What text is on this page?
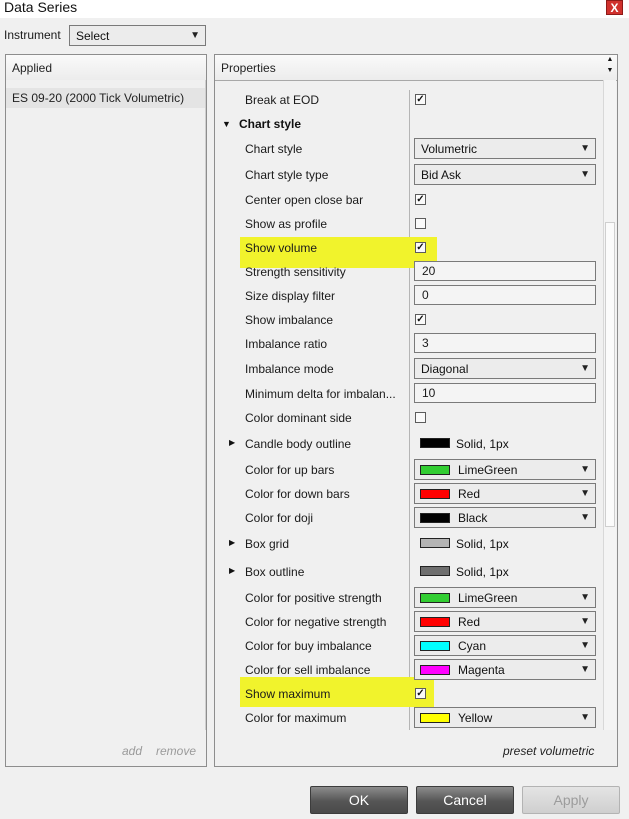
Data Series	X
Instrument Select	▼
Applied
ES 09-20 (2000 Tick Volumetric)
add remove
Properties
▲
▼
Break at EOD	✓
▼ Chart style
Chart style	Volumetric	▼
Chart style type	Bid Ask	▼
Center open close bar	✓
Show as profile
Show volume	✓
Strength sensitivity	20
Size display filter	0
Show imbalance	✓
Imbalance ratio	3
Imbalance mode	Diagonal	▼
Minimum delta for imbalan...	10
Color dominant side
▶ Candle body outline	Solid, 1px
Color for up bars	LimeGreen	▼
Color for down bars	Red	▼
Color for doji	Black	▼
▶ Box grid	Solid, 1px
▶ Box outline	Solid, 1px
Color for positive strength	LimeGreen	▼
Color for negative strength	Red	▼
Color for buy imbalance	Cyan	▼
Color for sell imbalance	Magenta	▼
Show maximum	✓
Color for maximum	Yellow	▼
preset volumetric
OK	Cancel	Apply
